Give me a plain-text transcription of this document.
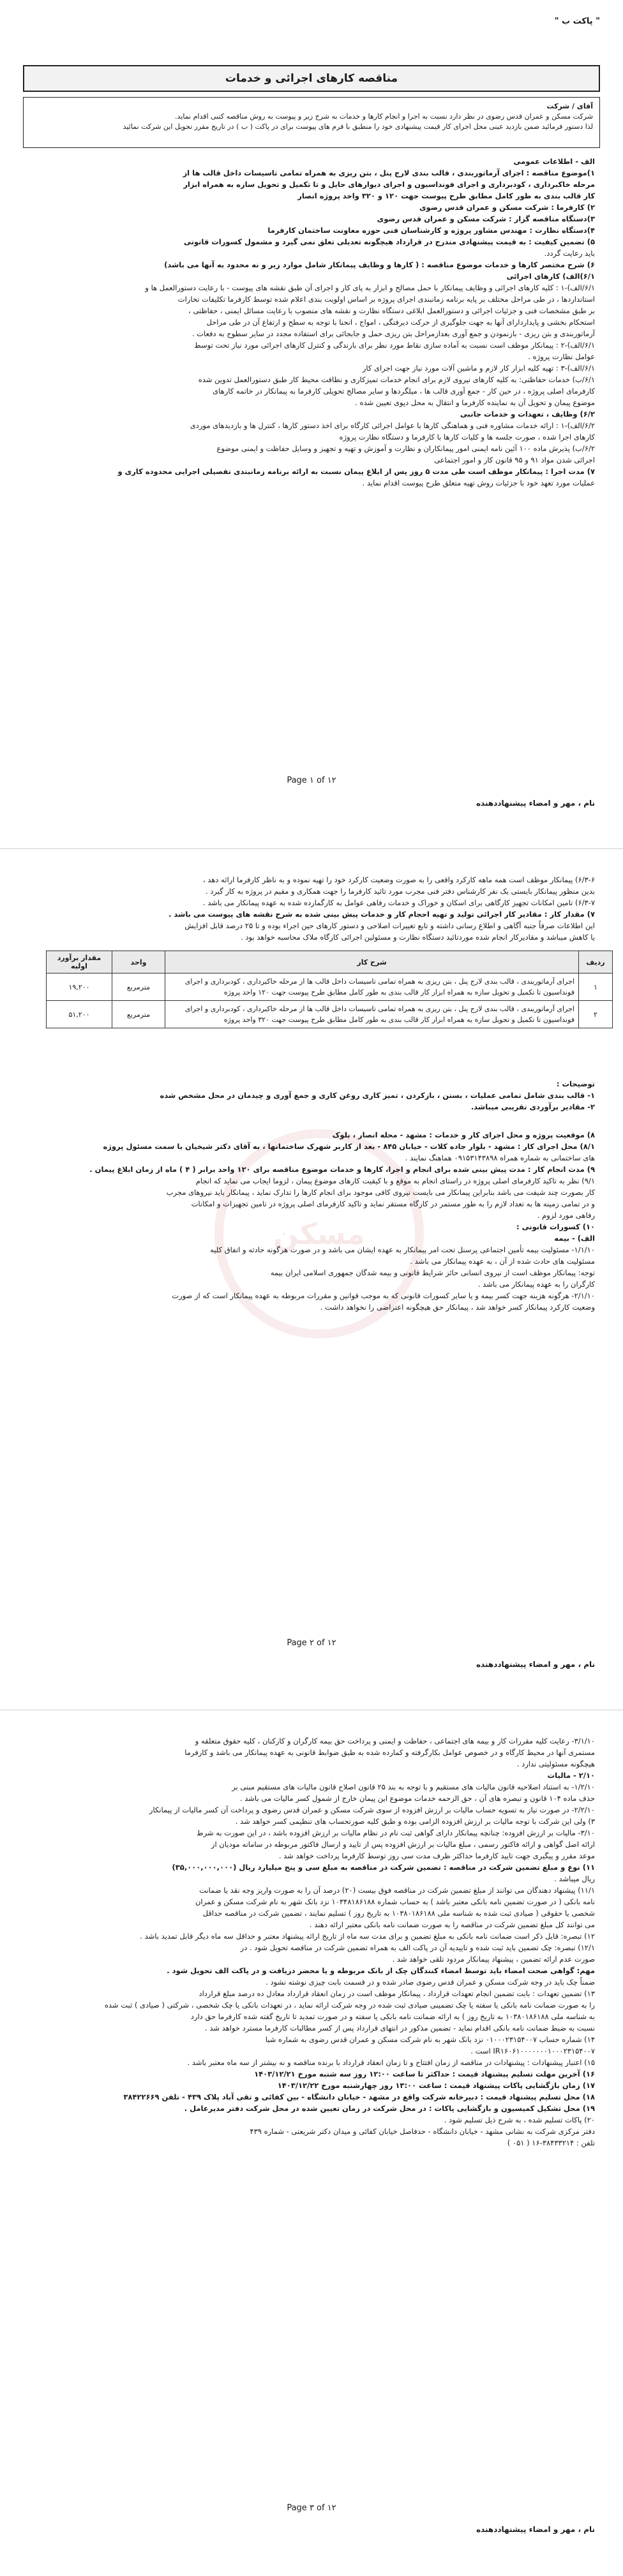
" پاکت ب "
مناقصه کارهای اجرائی و خدمات
آقای / شرکت
شرکت مسکن و عمران قدس رضوی در نظر دارد نسبت به اجرا و انجام کارها و خدمات به شرح زیر و پیوست به روش مناقصه کتبی اقدام نماید.
لذا دستور فرمائید ضمن بازدید عینی محل اجرای کار قیمت پیشنهادی خود را منطبق با فرم های پیوست برای در پاکت ( ب ) در تاریخ مقرر تحویل این شرکت نمائید
الف - اطلاعات عمومی
۱)موضوع مناقصه : اجرای آرماتوربندی ، قالب بندی لارج پنل ، بتن ریزی به همراه تمامی تاسیسات داخل قالب ها از
مرحله خاکبرداری ، کودبرداری و اجرای فونداسیون و اجرای دیوارهای حایل و تا تکمیل و تحویل سازه به همراه ابزار
کار قالب بندی به طور کامل مطابق طرح پیوست جهت ۱۲۰ و ۳۲۰ واحد پروژه انصار
۲) کارفرما : شرکت مسکن و عمران قدس رضوی
۳)دستگاه مناقصه گزار : شرکت مسکن و عمران قدس رضوی
۴)دستگاه نظارت : مهندس مشاور پروژه و کارشناسان فنی حوزه معاونت ساختمان کارفرما
۵) تضمین کیفیت : به قیمت پیشنهادی مندرج در قرارداد هیچگونه تعدیلی تعلق نمی گیرد و مشمول کسورات قانونی
باید رعایت گردد.
۶) شرح مختصر کارها و خدمات موضوع مناقصه : ( کارها و وظایف پیمانکار شامل موارد زیر و نه محدود به آنها می باشد)
۶/۱)الف) کارهای اجرائی
۶/۱/الف)-۱ : کلیه کارهای اجرائی و وظایف پیمانکار با حمل مصالح و ابزار به پای کار و اجرای آن طبق نقشه های پیوست - با رعایت دستورالعمل ها و
استانداردها ، در طی مراحل مختلف بر پایه برنامه زمانبندی اجرای پروژه بر اساس اولویت بندی اعلام شده توسط کارفرما تکلیفات تخارات
بر طبق مشخصات فنی و جزئیات اجرائی و دستورالعمل ابلاغی دستگاه نظارت و نقشه های منصوب با رعایت مسائل ایمنی ، حفاظتی ،
استحکام بخشی و پایداردارای آنها به جهت جلوگیری از حرکت دیرفتگی ، امواج ، انحنا با توجه به سطح و ارتفاع آن در طی مراحل
آرماتوربندی و بتن ریزی - بازنمودن و جمع آوری بعدازمراحل بتن ریزی حمل و جابجائی برای استفاده مجدد در سایر سطوح به دفعات .
۶/۱/الف)-۲ : پیمانکار موظف است نسبت به آماده سازی نقاط مورد نظر برای بارندگی و کنترل کارهای اجرائی مورد نیاز تحت توسط
عوامل نظارت پروژه .
۶/۱/الف)-۳ : تهیه کلیه ابزار کار لازم و ماشین آلات مورد نیاز جهت اجرای کار
۶/۱/ب) خدمات حفاظتی: به کلیه کارهای نیروی لازم برای انجام خدمات تمیزکاری و نظافت محیط کار طبق دستورالعمل تدوین شده
کارفرمای اصلی پروژه ، در حین کار - جمع آوری قالب ها ، میلگردها و سایر مصالح تحویلی کارفرما به پیمانکار در خاتمه کارهای
موضوع پیمان و تحویل آن به نماینده کارفرما و انتقال به محل دپوی تعیین شده .
۶/۲) وظایف ، تعهدات و خدمات جانبی
۶/۲/الف)-۱ : ارائه خدمات مشاوره فنی و هماهنگی کارها با عوامل اجرائی کارگاه برای اخذ دستور کارها ، کنترل ها و بازدیدهای موردی
کارهای اجرا شده ، صورت جلسه ها و کلیات کارها با کارفرما و دستگاه نظارت پروژه
۶/۲/ب) پذیرش ماده ۱۰۰ آئین نامه ایمنی امور پیمانکاران و نظارت و آموزش و تهیه و تجهیز و وسایل حفاظت و ایمنی موضوع
اجرائی شدن مواد ۹۱ و ۹۵ قانون کار و امور اجتماعی
۷) مدت اجرا : پیمانکار موظف است طی مدت ۵ روز پس از ابلاغ پیمان نسبت به ارائه برنامه زمانبندی تفصیلی اجرایی محدوده کاری و
عملیات مورد تعهد خود با جزئیات روش تهیه متعلق طرح پیوست اقدام نماید .
Page ۱ of ۱۲
نام ، مهر و امضاء پیشنهاددهنده
مسکن
۶/۳-۶) پیمانکار موظف است همه ماهه کارکرد واقعی را به صورت وضعیت کارکرد خود را تهیه نموده و به ناظر کارفرما ارائه دهد ،
بدین منظور پیمانکار بایستی یک نفر کارشناس دفتر فنی مجرب مورد تائید کارفرما را جهت همکاری و مقیم در پروژه به کار گیرد .
۶/۳-۷) تامین امکانات تجهیز کارگاهی برای اسکان و خوراک و خدمات رفاهی عوامل به کارگمارده شده به عهده پیمانکار می باشد .
۷) مقدار کار : مقادیر کار اجرائی تولید و تهیه احجام کار و خدمات پیش بینی شده به شرح نقشه های پیوست می باشد .
این اطلاعات صرفاً جنبه آگاهی و اطلاع رسانی داشته و تابع تغییرات اصلاحی و دستور کارهای حین اجراء بوده و تا ۲۵ درصد قابل افزایش
یا کاهش میباشد و مقادیرکار انجام شده موردتائید دستگاه نظارت و مسئولین اجرائی کارگاه ملاک محاسبه خواهد بود .
ردیف	شرح کار	واحد	مقدار برآورد اولیه
۱	اجرای آرماتوربندی ، قالب بندی لارج پنل ، بتن ریزی به همراه تمامی تاسیسات داخل قالب ها از مرحله خاکبرداری ، کودبرداری و اجرای فونداسیون تا تکمیل و تحویل سازه به همراه ابزار کار قالب بندی به طور کامل مطابق طرح پیوست جهت ۱۲۰ واحد پروژه	مترمربع	۱۹,۲۰۰
۲	اجرای آرماتوربندی ، قالب بندی لارج پنل ، بتن ریزی به همراه تمامی تاسیسات داخل قالب ها از مرحله خاکبرداری ، کودبرداری و اجرای فونداسیون تا تکمیل و تحویل سازه به همراه ابزار کار قالب بندی به طور کامل مطابق طرح پیوست جهت ۳۲۰ واحد پروژه	مترمربع	۵۱,۲۰۰
توضیحات :
۱- قالب بندی شامل تمامی عملیات ، بستن ، بازکردن ، تمیز کاری روغن کاری و جمع آوری و چیدمان در محل مشخص شده
۲- مقادیر برآوردی تقریبی میباشد.
۸) موقعیت پروژه و محل اجرای کار و خدمات : مشهد - محله انصار ، بلوک
۸/۱) محل اجرای کار : مشهد - بلوار جاده کلات - خیابان ۸۴۵ - بعد از کاربر شهرک ساختمانها ، به آقای دکتر شیخیان با سمت مسئول پروژه
های ساختمانی به شماره همراه ۰۹۱۵۳۱۴۳۸۹۸ هماهنگ نمایند .
۹) مدت انجام کار : مدت پیش بینی شده برای انجام و اجرا، کارها و خدمات موضوع مناقصه برای ۱۲۰ واحد برابر ( ۴ ) ماه از زمان ابلاغ پیمان .
۹/۱) نظر به تاکید کارفرمای اصلی پروژه در راستای انجام به موقع و با کیفیت کارهای موضوع پیمان ، لزوما ایجاب می نماید که انجام
کار بصورت چند شیفت می باشد بنابراین پیمانکار می بایست نیروی کافی موجود برای انجام کارها را تدارک نماید ، پیمانکار باید نیروهای مجرب
و در تمامی زمینه ها به تعداد لازم را به طور مستمر در کارگاه مستقر نماید و تاکید کارفرمای اصلی پروژه در تامین تجهیزات و امکانات
رفاهی مورد لزوم .
۱۰) کسورات قانونی :
الف) - بیمه
۱/۱/۱۰- مسئولیت بیمه تأمین اجتماعی پرسنل تحت امر پیمانکار به عهده ایشان می باشد و در صورت هرگونه حادثه و اتفاق کلیه
مسئولیت های حادث شده از آن ، به عهده پیمانکار می باشد .
توجه: پیمانکار موظف است از نیروی انسانی حائز شرایط قانونی و بیمه شدگان جمهوری اسلامی ایران بیمه
کارگران را به عهده پیمانکار می باشد .
۲/۱/۱۰- هرگونه هزینه جهت کسر بیمه و یا سایر کسورات قانونی که به موجب قوانین و مقررات مربوطه به عهده پیمانکار است که از صورت
وضعیت کارکرد پیمانکار کسر خواهد شد ، پیمانکار حق هیچگونه اعتراضی را نخواهد داشت .
Page ۲ of ۱۲
نام ، مهر و امضاء پیشنهاددهنده
۳/۱/۱۰- رعایت کلیه مقررات کار و بیمه های اجتماعی ، حفاظت و ایمنی و پرداخت حق بیمه کارگران و کارکنان ، کلیه حقوق متعلقه و
مستمری آنها در محیط کارگاه و در خصوص عوامل بکارگرفته و کمارده شده به طبق ضوابط قانونی به عهده پیمانکار می باشد و کارفرما
هیچگونه مسئولیتی ندارد .
۲/۱۰ - مالیات
۱/۲/۱۰- به استناد اصلاحیه قانون مالیات های مستقیم و با توجه به بند ۲۵ قانون اصلاح قانون مالیات های مستقیم مبنی بر
حذف ماده ۱۰۴ قانون و تبصره های آن ، حق الزحمه خدمات موضوع این پیمان خارج از شمول کسر مالیات می باشد .
۲/۲/۱۰- در صورت نیاز به تسویه حساب مالیات بر ارزش افزوده از سوی شرکت مسکن و عمران قدس رضوی و پرداخت آن کسر مالیات از پیمانکار
۳) ولی این شرکت با توجه مالیات بر ارزش افزوده الزامی بوده و طبق کلیه صورتحساب های تنظیمی کسر خواهد شد .
۳/۱۰- مالیات بر ارزش افزوده: چنانچه پیمانکار دارای گواهی ثبت نام در نظام مالیات بر ارزش افزوده باشد ، در این صورت به شرط
ارائه اصل گواهی و ارائه فاکتور رسمی ، مبلغ مالیات بر ارزش افزوده پس از تایید و ارسال فاکتور مربوطه در سامانه مودیان از
موعد مقرر و پیگیری جهت تایید کارفرما حداکثر ظرف مدت سی روز توسط کارفرما پرداخت خواهد شد .
۱۱) نوع و مبلغ تضمین شرکت در مناقصه : تضمین شرکت در مناقصه به مبلغ سی و پنج میلیارد ریال (۳۵,۰۰۰,۰۰۰,۰۰۰)
ریال میباشد .
۱۱/۱) پیشنهاد دهندگان می توانند از مبلغ تضمین شرکت در مناقصه فوق بیست (۲۰) درصد آن را به صورت واریز وجه نقد یا ضمانت
نامه بانکی ( در صورت تضمین نامه بانکی معتبر باشد ) به حساب شماره ۱۰۳۴۸۱۸۶۱۸۸ نزد بانک شهر به نام شرکت مسکن و عمران
شخصی یا حقوقی ( صیادی ثبت شده به شناسه ملی ۱۰۳۸۰۱۸۶۱۸۸ به تاریخ روز ) تسلیم نمایند ، تضمین شرکت در مناقصه حداقل
می توانند کل مبلغ تضمین شرکت در مناقصه را به صورت ضمانت نامه بانکی معتبر ارائه دهند .
۱۲) تبصره: قابل ذکر است ضمانت نامه بانکی به مبلغ تضمین و برای مدت سه ماه از تاریخ ارائه پیشنهاد معتبر و حداقل سه ماه دیگر قابل تمدید باشد .
۱۲/۱) تبصره: چک تضمین باید ثبت شده و تاییدیه آن در پاکت الف به همراه تضمین شرکت در مناقصه تحویل شود . در
صورت عدم ارائه تضمین ، پیشنهاد پیمانکار مردود تلقی خواهد شد .
مهم: گواهی صحت امضاء باید توسط امضاء کنندگان چک از بانک مربوطه و یا محضر دریافت و در پاکت الف تحویل شود .
ضمناً چک باید در وجه شرکت مسکن و عمران قدس رضوی صادر شده و در قسمت بابت چیزی نوشته نشود .
۱۳) تضمین تعهدات : بابت تضمین انجام تعهدات قرارداد ، پیمانکار موظف است در زمان انعقاد قرارداد معادل ده درصد مبلغ قرارداد
را به صورت ضمانت نامه بانکی یا سفته یا چک تضمینی صیادی ثبت شده در وجه شرکت ارائه نماید ، در تعهدات بانکی یا چک شخصی ، شرکتی ( صیادی ) ثبت شده
به شناسه ملی ۱۰۳۸۰۱۸۶۱۸۸ به تاریخ روز ) به ارائه ضمانت نامه بانکی یا سفته و در صورت تمدید تا تاریخ گفته شده کارفرما حق دارد
نسبت به ضبط ضمانت نامه بانکی اقدام نماید - تضمین مذکور در انتهای قرارداد پس از کسر مطالبات کارفرما مسترد خواهد شد .
۱۴) شماره حساب ۰۱۰۰۰۲۳۱۵۴۰۰۷ نزد بانک شهر به نام شرکت مسکن و عمران قدس رضوی به شماره شبا
IR۱۶۰۶۱۰۰۰۰۰۰۰۱۰۰۰۲۳۱۵۴۰۰۷ است .
۱۵) اعتبار پیشنهادات : پیشنهادات در مناقصه از زمان افتتاح و تا زمان انعقاد قرارداد با برنده مناقصه و نه بیشتر از سه ماه معتبر باشد .
۱۶) آخرین مهلت تسلیم پیشنهاد قیمت : حداکثر تا ساعت ۱۲:۰۰ روز سه شنبه مورخ ۱۴۰۳/۱۲/۲۱
۱۷) زمان بازگشایی پاکات پیشنهاد قیمت : ساعت ۱۳:۰۰ روز چهارشنبه مورخ ۱۴۰۳/۱۲/۲۲
۱۸) محل تسلیم پیشنهاد قیمت : دبیرخانه شرکت واقع در مشهد - خیابان دانشگاه - بین کفائی و تقی آباد پلاک ۴۳۹ - تلفن ۳۸۴۲۲۶۶۹
۱۹) محل تشکیل کمیسیون و بازگشایی پاکات : در محل شرکت در زمان تعیین شده در محل شرکت دفتر مدیرعامل .
۲۰) پاکات تسلیم شده ، به شرح ذیل تسلیم شود .
دفتر مرکزی شرکت به نشانی مشهد - خیابان دانشگاه - حدفاصل خیابان کفائی و میدان دکتر شریعتی - شماره ۴۳۹
تلفن : ۳۸۴۳۳۲۱۴-۱۶ ( ۰۵۱ )
Page ۳ of ۱۲
نام ، مهر و امضاء پیشنهاددهنده
